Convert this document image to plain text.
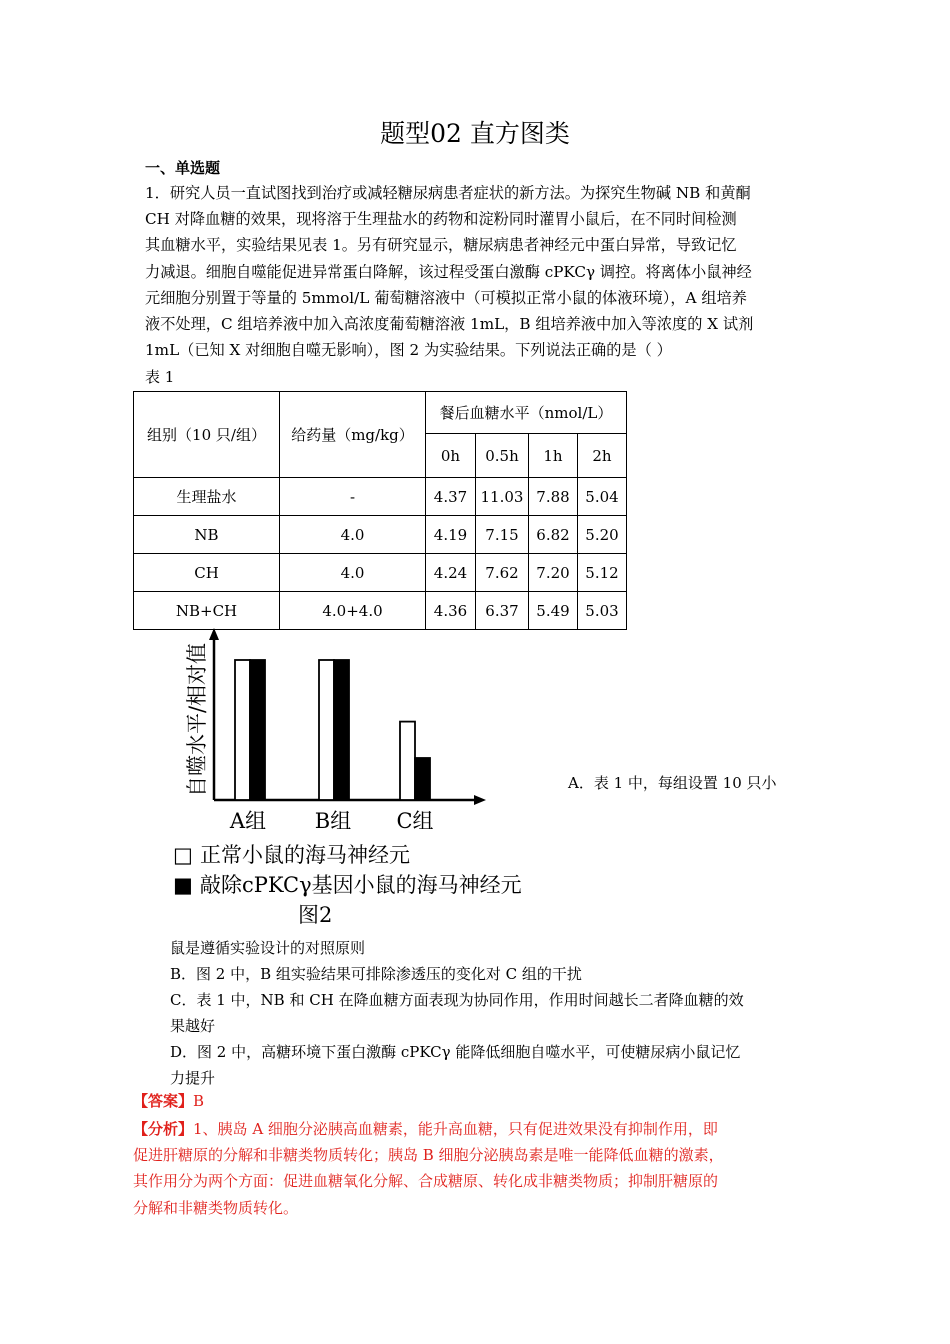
题型02 直方图类
一、单选题
1．研究人员一直试图找到治疗或减轻糖尿病患者症状的新方法。为探究生物碱 NB 和黄酮
CH 对降血糖的效果，现将溶于生理盐水的药物和淀粉同时灌胃小鼠后，在不同时间检测
其血糖水平，实验结果见表 1。另有研究显示，糖尿病患者神经元中蛋白异常，导致记忆
力减退。细胞自噬能促进异常蛋白降解，该过程受蛋白激酶 cPKCγ 调控。将离体小鼠神经
元细胞分别置于等量的 5mmol/L 葡萄糖溶液中（可模拟正常小鼠的体液环境），A 组培养
液不处理，C 组培养液中加入高浓度葡萄糖溶液 1mL，B 组培养液中加入等浓度的 X 试剂
1mL（已知 X 对细胞自噬无影响），图 2 为实验结果。下列说法正确的是（ ）
表 1
组别（10 只/组）	给药量（mg/kg）	餐后血糖水平（nmol/L）			
		0h	0.5h	1h	2h
生理盐水	-	4.37	11.03	7.88	5.04
NB	4.0	4.19	7.15	6.82	5.20
CH	4.0	4.24	7.62	7.20	5.12
NB+CH	4.0+4.0	4.36	6.37	5.49	5.03
自噬水平/相对值
A组 B组 C组
□ 正常小鼠的海马神经元
■ 敲除cPKCγ基因小鼠的海马神经元
图2
A．表 1 中，每组设置 10 只小
鼠是遵循实验设计的对照原则
B．图 2 中，B 组实验结果可排除渗透压的变化对 C 组的干扰
C．表 1 中，NB 和 CH 在降血糖方面表现为协同作用，作用时间越长二者降血糖的效
果越好
D．图 2 中，高糖环境下蛋白激酶 cPKCγ 能降低细胞自噬水平，可使糖尿病小鼠记忆
力提升
【答案】B
【分析】1、胰岛 A 细胞分泌胰高血糖素，能升高血糖，只有促进效果没有抑制作用，即
促进肝糖原的分解和非糖类物质转化；胰岛 B 细胞分泌胰岛素是唯一能降低血糖的激素，
其作用分为两个方面：促进血糖氧化分解、合成糖原、转化成非糖类物质；抑制肝糖原的
分解和非糖类物质转化。
